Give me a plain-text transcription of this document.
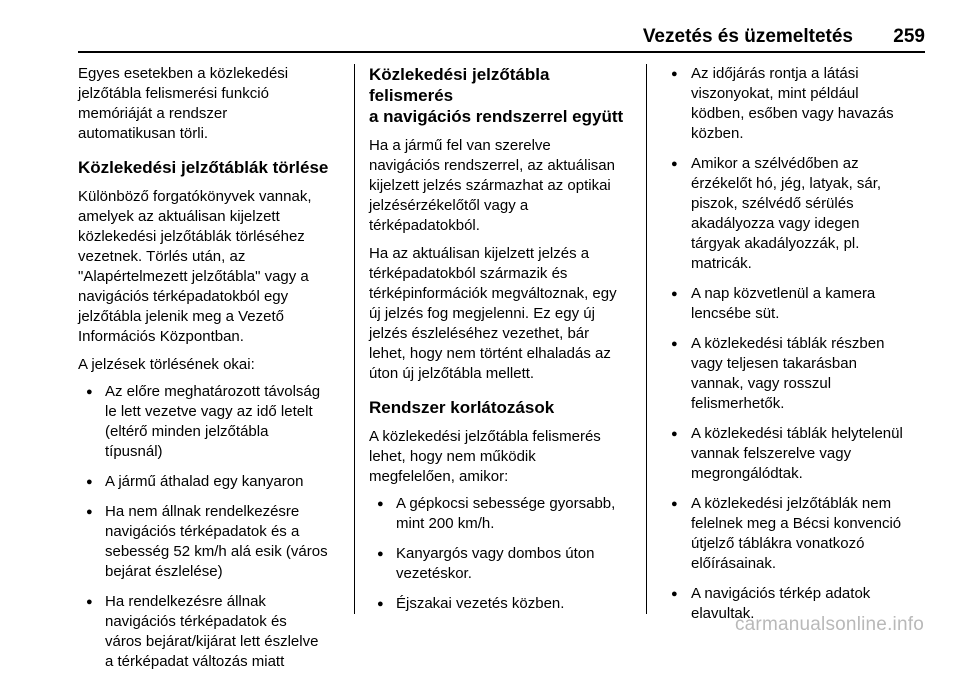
Vezetés és üzemeltetés 259
Egyes esetekben a közlekedési
jelzőtábla felismerési funkció
memóriáját a rendszer
automatikusan törli.
Közlekedési jelzőtáblák törlése
Különböző forgatókönyvek vannak,
amelyek az aktuálisan kijelzett
közlekedési jelzőtáblák törléséhez
vezetnek. Törlés után, az
"Alapértelmezett jelzőtábla" vagy a
navigációs térképadatokból egy
jelzőtábla jelenik meg a Vezető
Információs Központban.
A jelzések törlésének okai:
● Az előre meghatározott távolság
le lett vezetve vagy az idő letelt
(eltérő minden jelzőtábla
típusnál)
● A jármű áthalad egy kanyaron
● Ha nem állnak rendelkezésre
navigációs térképadatok és a
sebesség 52 km/h alá esik (város
bejárat észlelése)
● Ha rendelkezésre állnak
navigációs térképadatok és
város bejárat/kijárat lett észlelve
a térképadat változás miatt
Közlekedési jelzőtábla felismerés
a navigációs rendszerrel együtt
Ha a jármű fel van szerelve
navigációs rendszerrel, az aktuálisan
kijelzett jelzés származhat az optikai
jelzésérzékelőtől vagy a
térképadatokból.
Ha az aktuálisan kijelzett jelzés a
térképadatokból származik és
térképinformációk megváltoznak, egy
új jelzés fog megjelenni. Ez egy új
jelzés észleléséhez vezethet, bár
lehet, hogy nem történt elhaladás az
úton új jelzőtábla mellett.
Rendszer korlátozások
A közlekedési jelzőtábla felismerés
lehet, hogy nem működik
megfelelően, amikor:
● A gépkocsi sebessége gyorsabb,
mint 200 km/h.
● Kanyargós vagy dombos úton
vezetéskor.
● Éjszakai vezetés közben.
● Az időjárás rontja a látási
viszonyokat, mint például
ködben, esőben vagy havazás
közben.
● Amikor a szélvédőben az
érzékelőt hó, jég, latyak, sár,
piszok, szélvédő sérülés
akadályozza vagy idegen
tárgyak akadályozzák, pl.
matricák.
● A nap közvetlenül a kamera
lencsébe süt.
● A közlekedési táblák részben
vagy teljesen takarásban
vannak, vagy rosszul
felismerhetők.
● A közlekedési táblák helytelenül
vannak felszerelve vagy
megrongálódtak.
● A közlekedési jelzőtáblák nem
felelnek meg a Bécsi konvenció
útjelző táblákra vonatkozó
előírásainak.
● A navigációs térkép adatok
elavultak.
carmanualsonline.info
